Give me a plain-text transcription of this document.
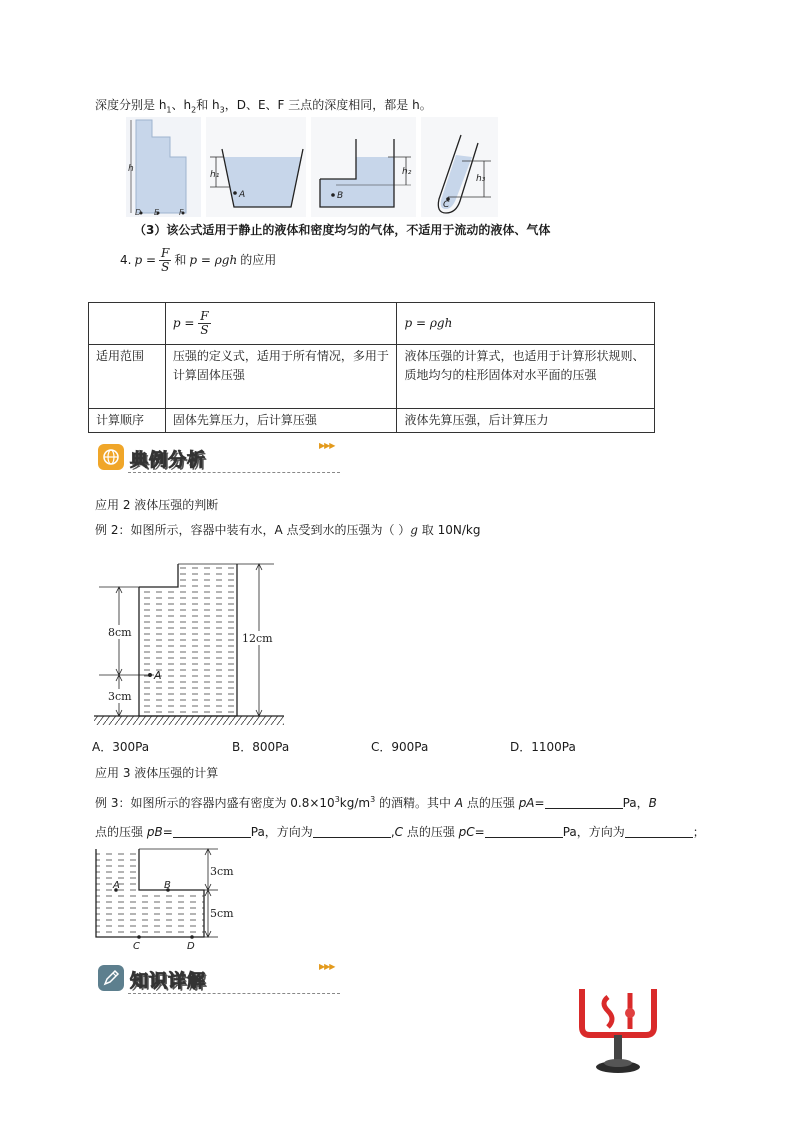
深度分别是 $h_1$、$h_2$和 $h_3$，D、E、F 三点的深度相同，都是 h。
h
D E F
h₁
A
h₂
B
h₃
C
（3）该公式适用于静止的液体和密度均匀的气体，不适用于流动的液体、气体
4. $p = \frac{F}{S}$ 和 p = ρgh 的应用
	$p = \frac{F}{S}$	p = ρgh
适用范围	压强的定义式，适用于所有情况，多用于计算固体压强	液体压强的计算式，也适用于计算形状规则、质地均匀的柱形固体对水平面的压强
计算顺序	固体先算压力，后计算压强	液体先算压强，后计算压力
典例分析
▶▶▶
应用 2 液体压强的判断
例 2：如图所示，容器中装有水，A 点受到水的压强为（ ）g 取 10N/kg
8cm
3cm
12cm
A
A．300Pa	B．800Pa	C．900Pa	D．1100Pa
应用 3 液体压强的计算
例 3：如图所示的容器内盛有密度为 $0.8\times 10^3kg/m^3$ 的酒精。其中 A 点的压强 pA=	Pa，B
点的压强 pB=	Pa，方向为	,C 点的压强 pC=	Pa，方向为	；
3cm
5cm
A	B
C	D
知识详解
▶▶▶
